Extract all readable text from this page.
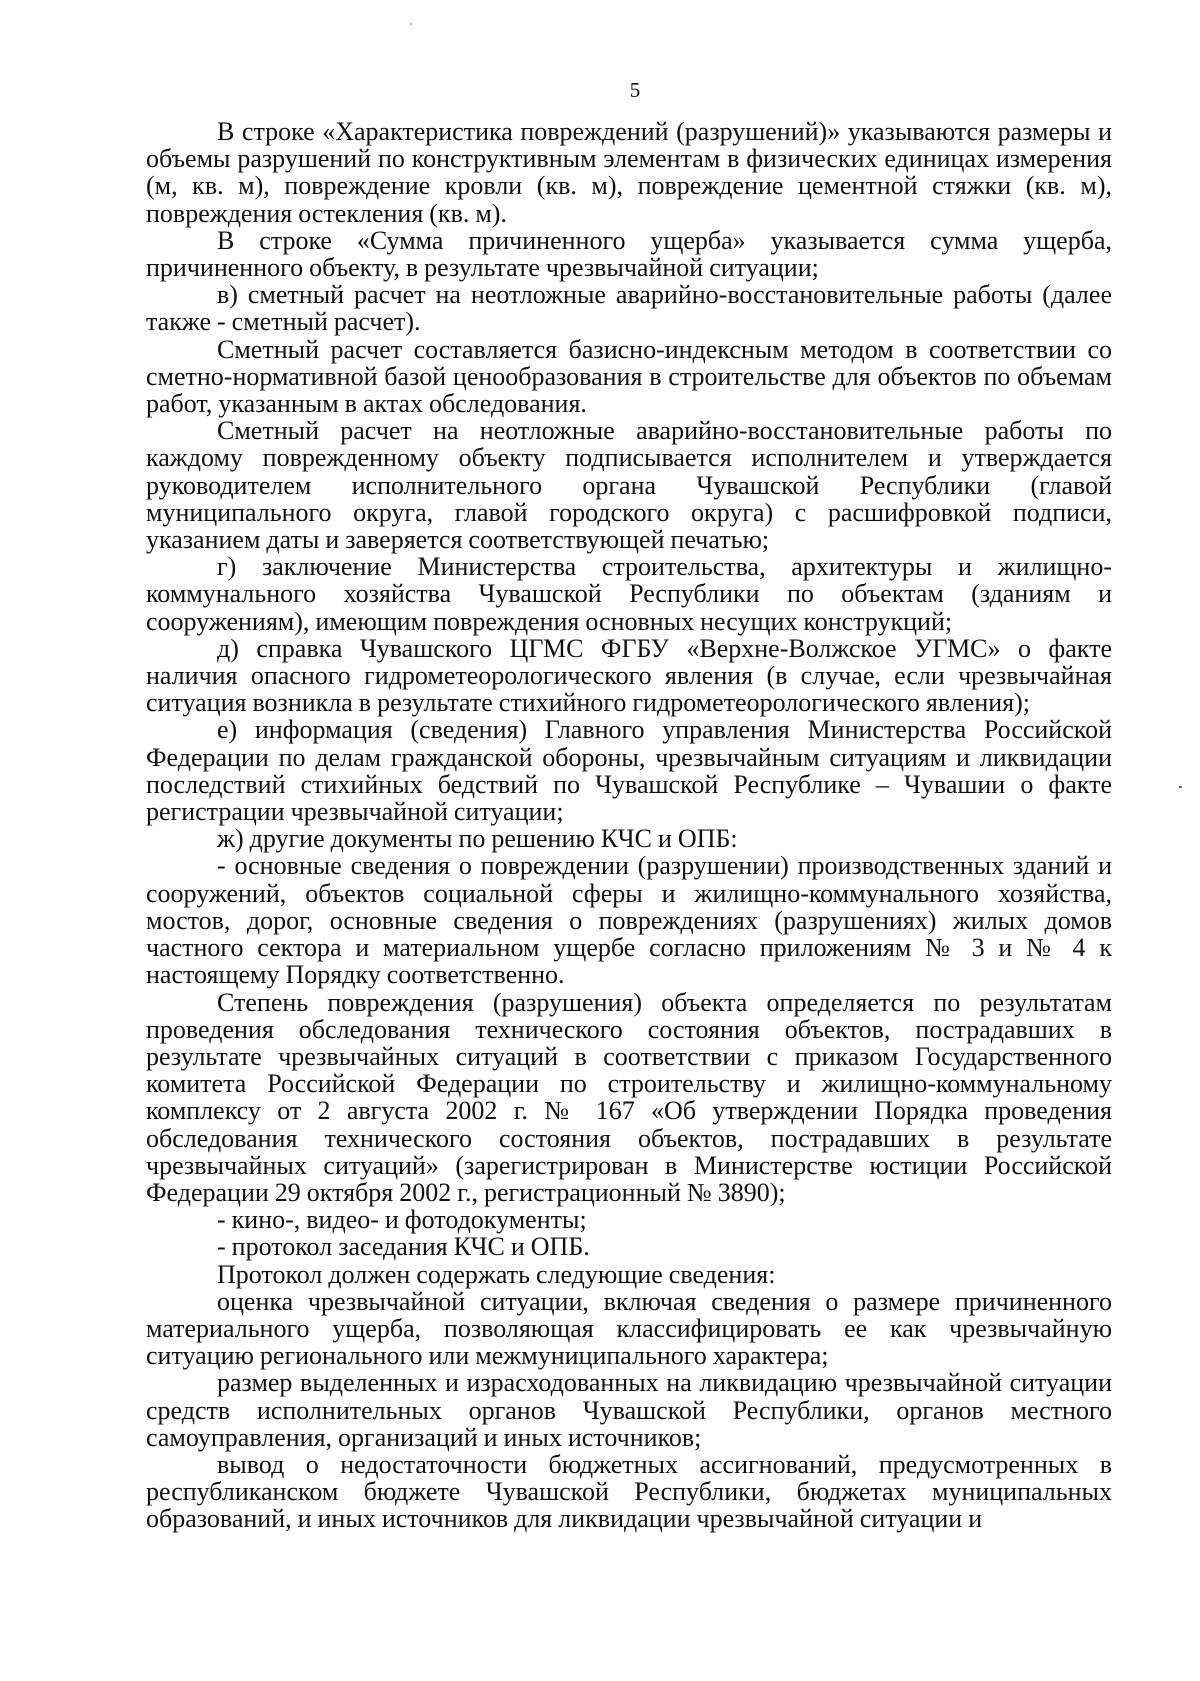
5

В строке «Характеристика повреждений (разрушений)» указываются размеры и объемы разрушений по конструктивным элементам в физических единицах измерения (м, кв. м), повреждение кровли (кв. м), повреждение цементной стяжки (кв. м), повреждения остекления (кв. м).

В строке «Сумма причиненного ущерба» указывается сумма ущерба, причиненного объекту, в результате чрезвычайной ситуации;

в) сметный расчет на неотложные аварийно-восстановительные работы (далее также - сметный расчет).

Сметный расчет составляется базисно-индексным методом в соответствии со сметно-нормативной базой ценообразования в строительстве для объектов по объемам работ, указанным в актах обследования.

Сметный расчет на неотложные аварийно-восстановительные работы по каждому поврежденному объекту подписывается исполнителем и утверждается руководителем исполнительного органа Чувашской Республики (главой муниципального округа, главой городского округа) с расшифровкой подписи, указанием даты и заверяется соответствующей печатью;

г) заключение Министерства строительства, архитектуры и жилищно-коммунального хозяйства Чувашской Республики по объектам (зданиям и сооружениям), имеющим повреждения основных несущих конструкций;

д) справка Чувашского ЦГМС ФГБУ «Верхне-Волжское УГМС» о факте наличия опасного гидрометеорологического явления (в случае, если чрезвычайная ситуация возникла в результате стихийного гидрометеорологического явления);

е) информация (сведения) Главного управления Министерства Российской Федерации по делам гражданской обороны, чрезвычайным ситуациям и ликвидации последствий стихийных бедствий по Чувашской Республике – Чувашии о факте регистрации чрезвычайной ситуации;

ж) другие документы по решению КЧС и ОПБ:

- основные сведения о повреждении (разрушении) производственных зданий и сооружений, объектов социальной сферы и жилищно-коммунального хозяйства, мостов, дорог, основные сведения о повреждениях (разрушениях) жилых домов частного сектора и материальном ущербе согласно приложениям № 3 и № 4 к настоящему Порядку соответственно.

Степень повреждения (разрушения) объекта определяется по результатам проведения обследования технического состояния объектов, пострадавших в результате чрезвычайных ситуаций в соответствии с приказом Государственного комитета Российской Федерации по строительству и жилищно-коммунальному комплексу от 2 августа 2002 г. № 167 «Об утверждении Порядка проведения обследования технического состояния объектов, пострадавших в результате чрезвычайных ситуаций» (зарегистрирован в Министерстве юстиции Российской Федерации 29 октября 2002 г., регистрационный № 3890);

- кино-, видео- и фотодокументы;

- протокол заседания КЧС и ОПБ.

Протокол должен содержать следующие сведения:

оценка чрезвычайной ситуации, включая сведения о размере причиненного материального ущерба, позволяющая классифицировать ее как чрезвычайную ситуацию регионального или межмуниципального характера;

размер выделенных и израсходованных на ликвидацию чрезвычайной ситуации средств исполнительных органов Чувашской Республики, органов местного самоуправления, организаций и иных источников;

вывод о недостаточности бюджетных ассигнований, предусмотренных в республиканском бюджете Чувашской Республики, бюджетах муниципальных образований, и иных источников для ликвидации чрезвычайной ситуации и
